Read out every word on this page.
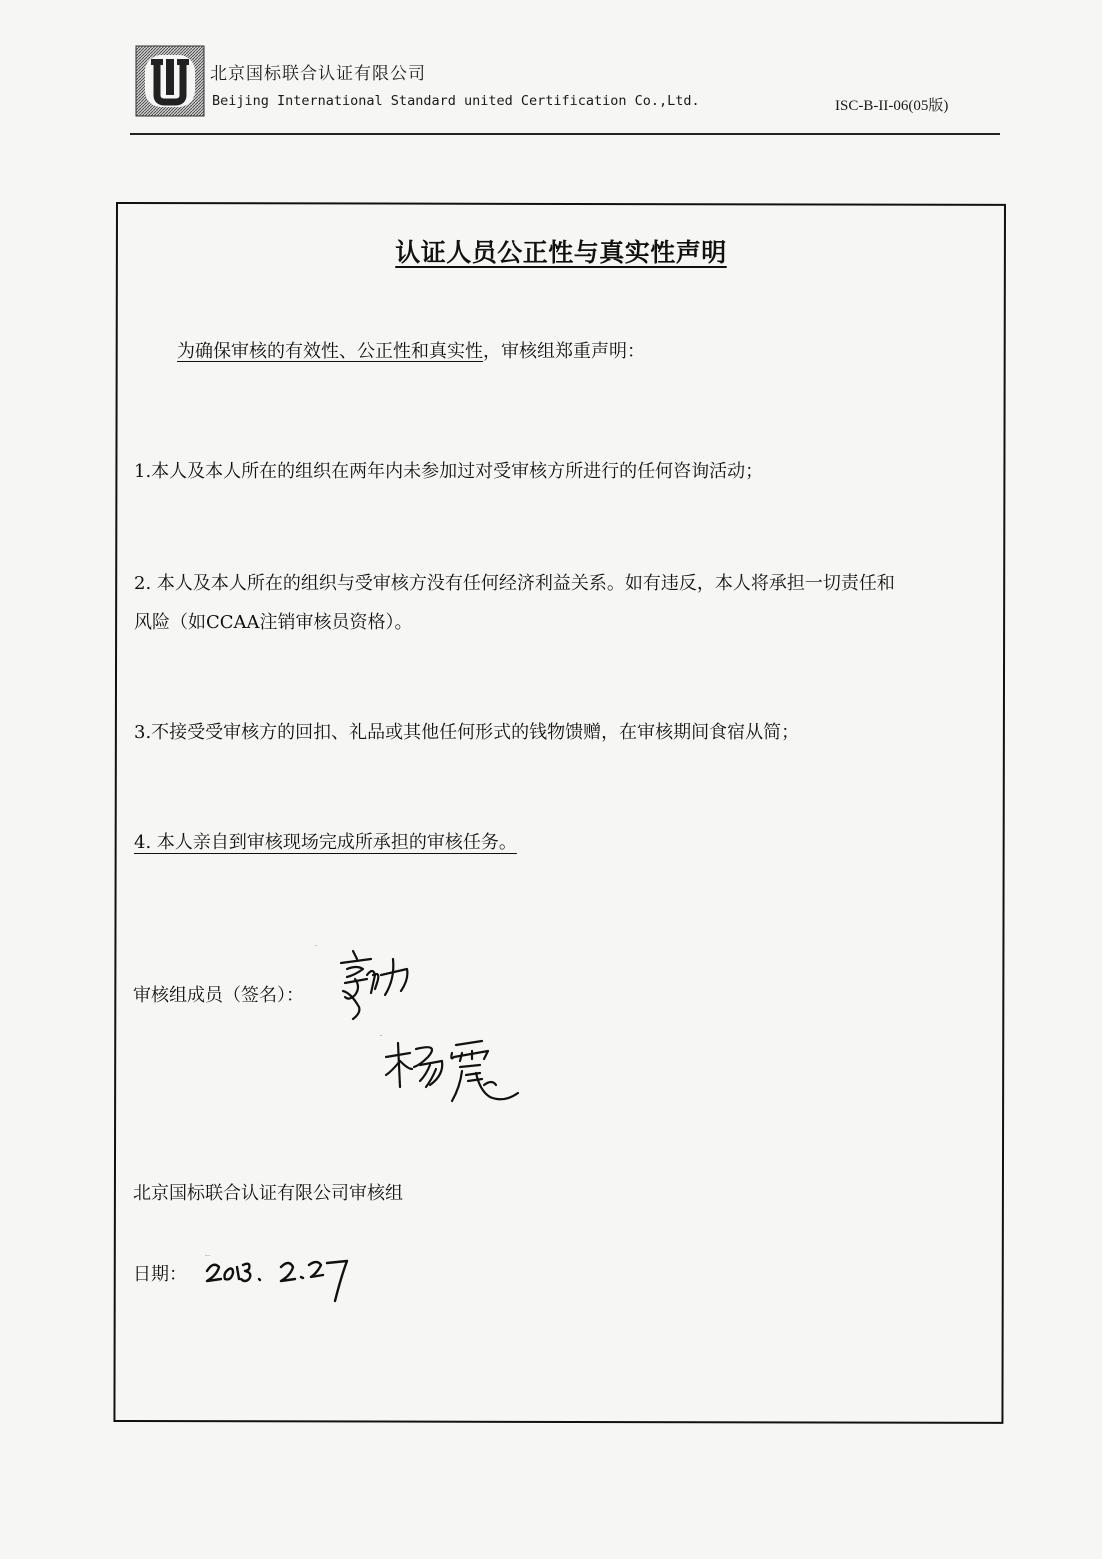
北京国标联合认证有限公司
Beijing International Standard united Certification Co.,Ltd.	ISC-B-II-06(05版)
认证人员公正性与真实性声明
为确保审核的有效性、公正性和真实性，审核组郑重声明：
1.本人及本人所在的组织在两年内未参加过对受审核方所进行的任何咨询活动；
2. 本人及本人所在的组织与受审核方没有任何经济利益关系。如有违反，本人将承担一切责任和
风险（如CCAA注销审核员资格）。
3.不接受受审核方的回扣、礼品或其他任何形式的钱物馈赠，在审核期间食宿从简；
4. 本人亲自到审核现场完成所承担的审核任务。
审核组成员（签名）：
北京国标联合认证有限公司审核组
日期：
